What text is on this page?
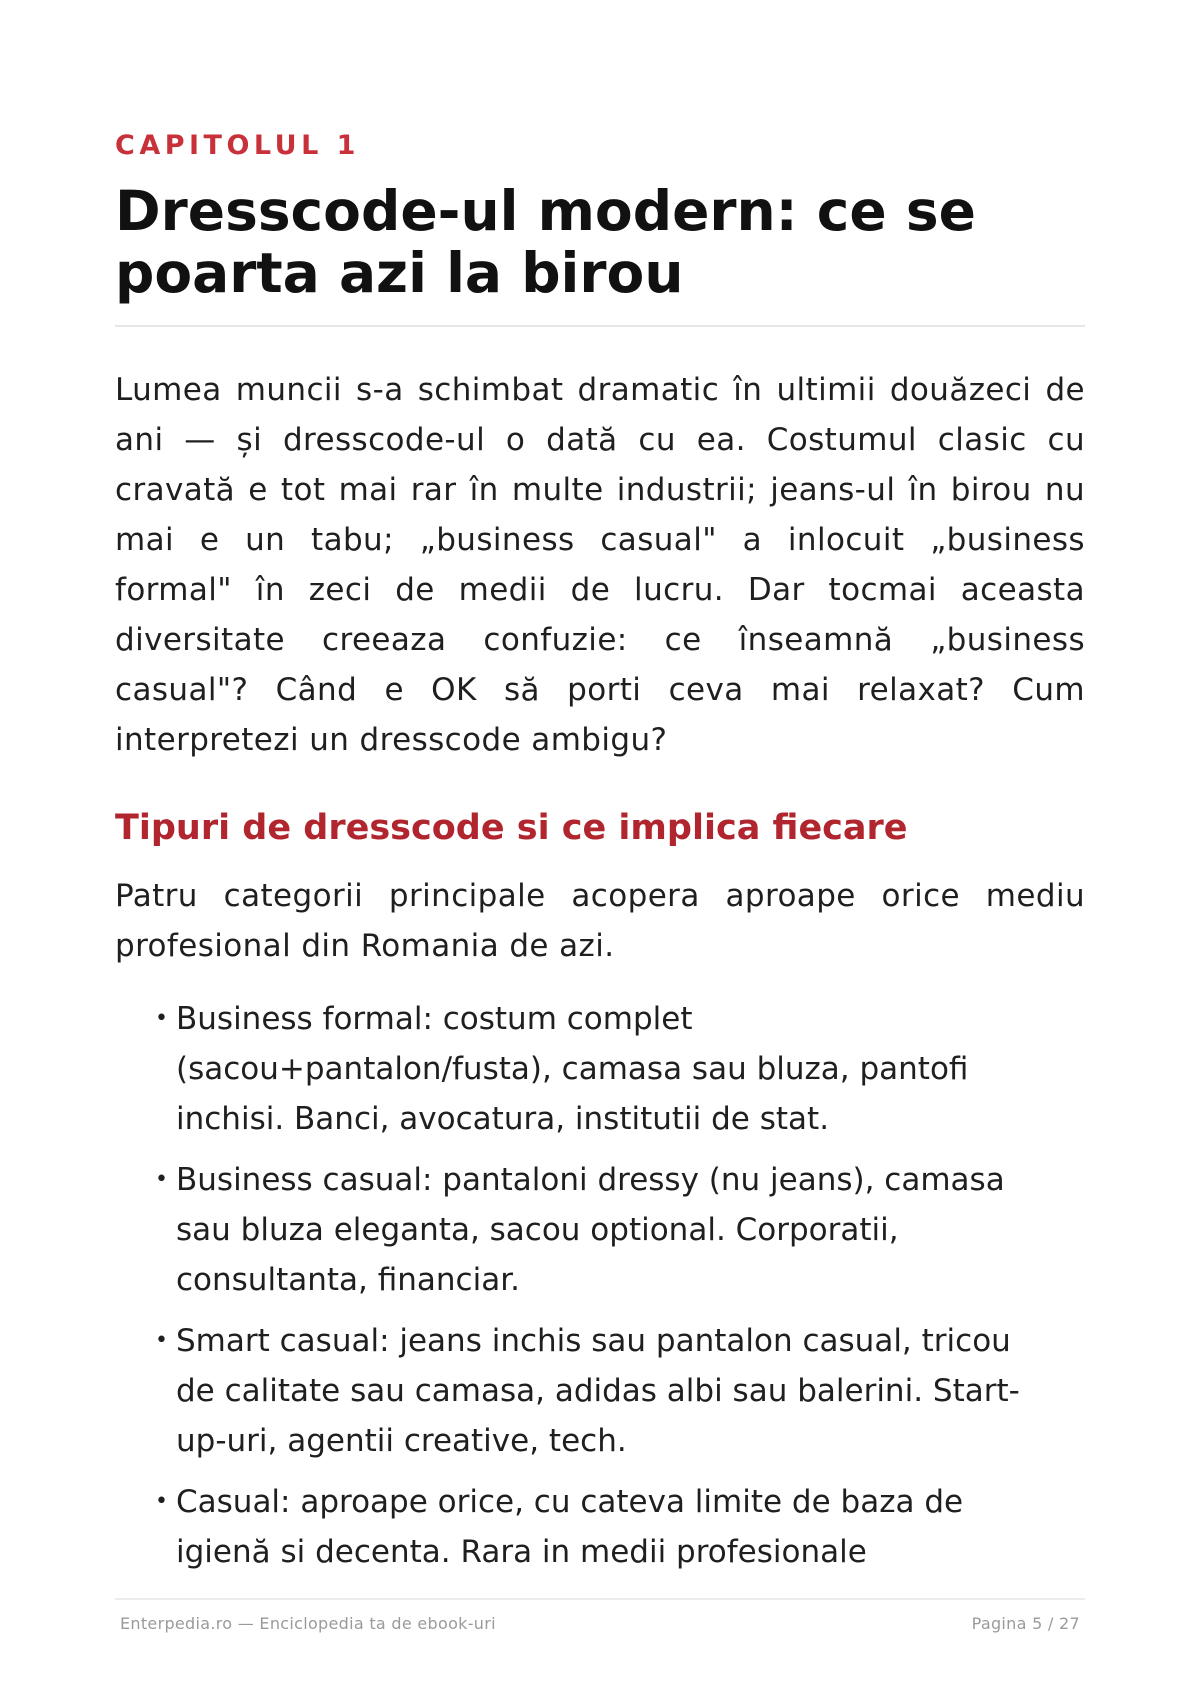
CAPITOLUL 1
Dresscode-ul modern: ce se poarta azi la birou

Lumea muncii s-a schimbat dramatic în ultimii douăzeci de ani — și dresscode-ul o dată cu ea. Costumul clasic cu cravată e tot mai rar în multe industrii; jeans-ul în birou nu mai e un tabu; „business casual" a inlocuit „business formal" în zeci de medii de lucru. Dar tocmai aceasta diversitate creeaza confuzie: ce înseamnă „business casual"? Când e OK să porti ceva mai relaxat? Cum interpretezi un dresscode ambigu?

Tipuri de dresscode si ce implica fiecare

Patru categorii principale acopera aproape orice mediu profesional din Romania de azi.

• Business formal: costum complet (sacou+pantalon/fusta), camasa sau bluza, pantofi inchisi. Banci, avocatura, institutii de stat.
• Business casual: pantaloni dressy (nu jeans), camasa sau bluza eleganta, sacou optional. Corporatii, consultanta, financiar.
• Smart casual: jeans inchis sau pantalon casual, tricou de calitate sau camasa, adidas albi sau balerini. Start-up-uri, agentii creative, tech.
• Casual: aproape orice, cu cateva limite de baza de igienă si decenta. Rara in medii profesionale
Enterpedia.ro — Enciclopedia ta de ebook-uri	Pagina 5 / 27
